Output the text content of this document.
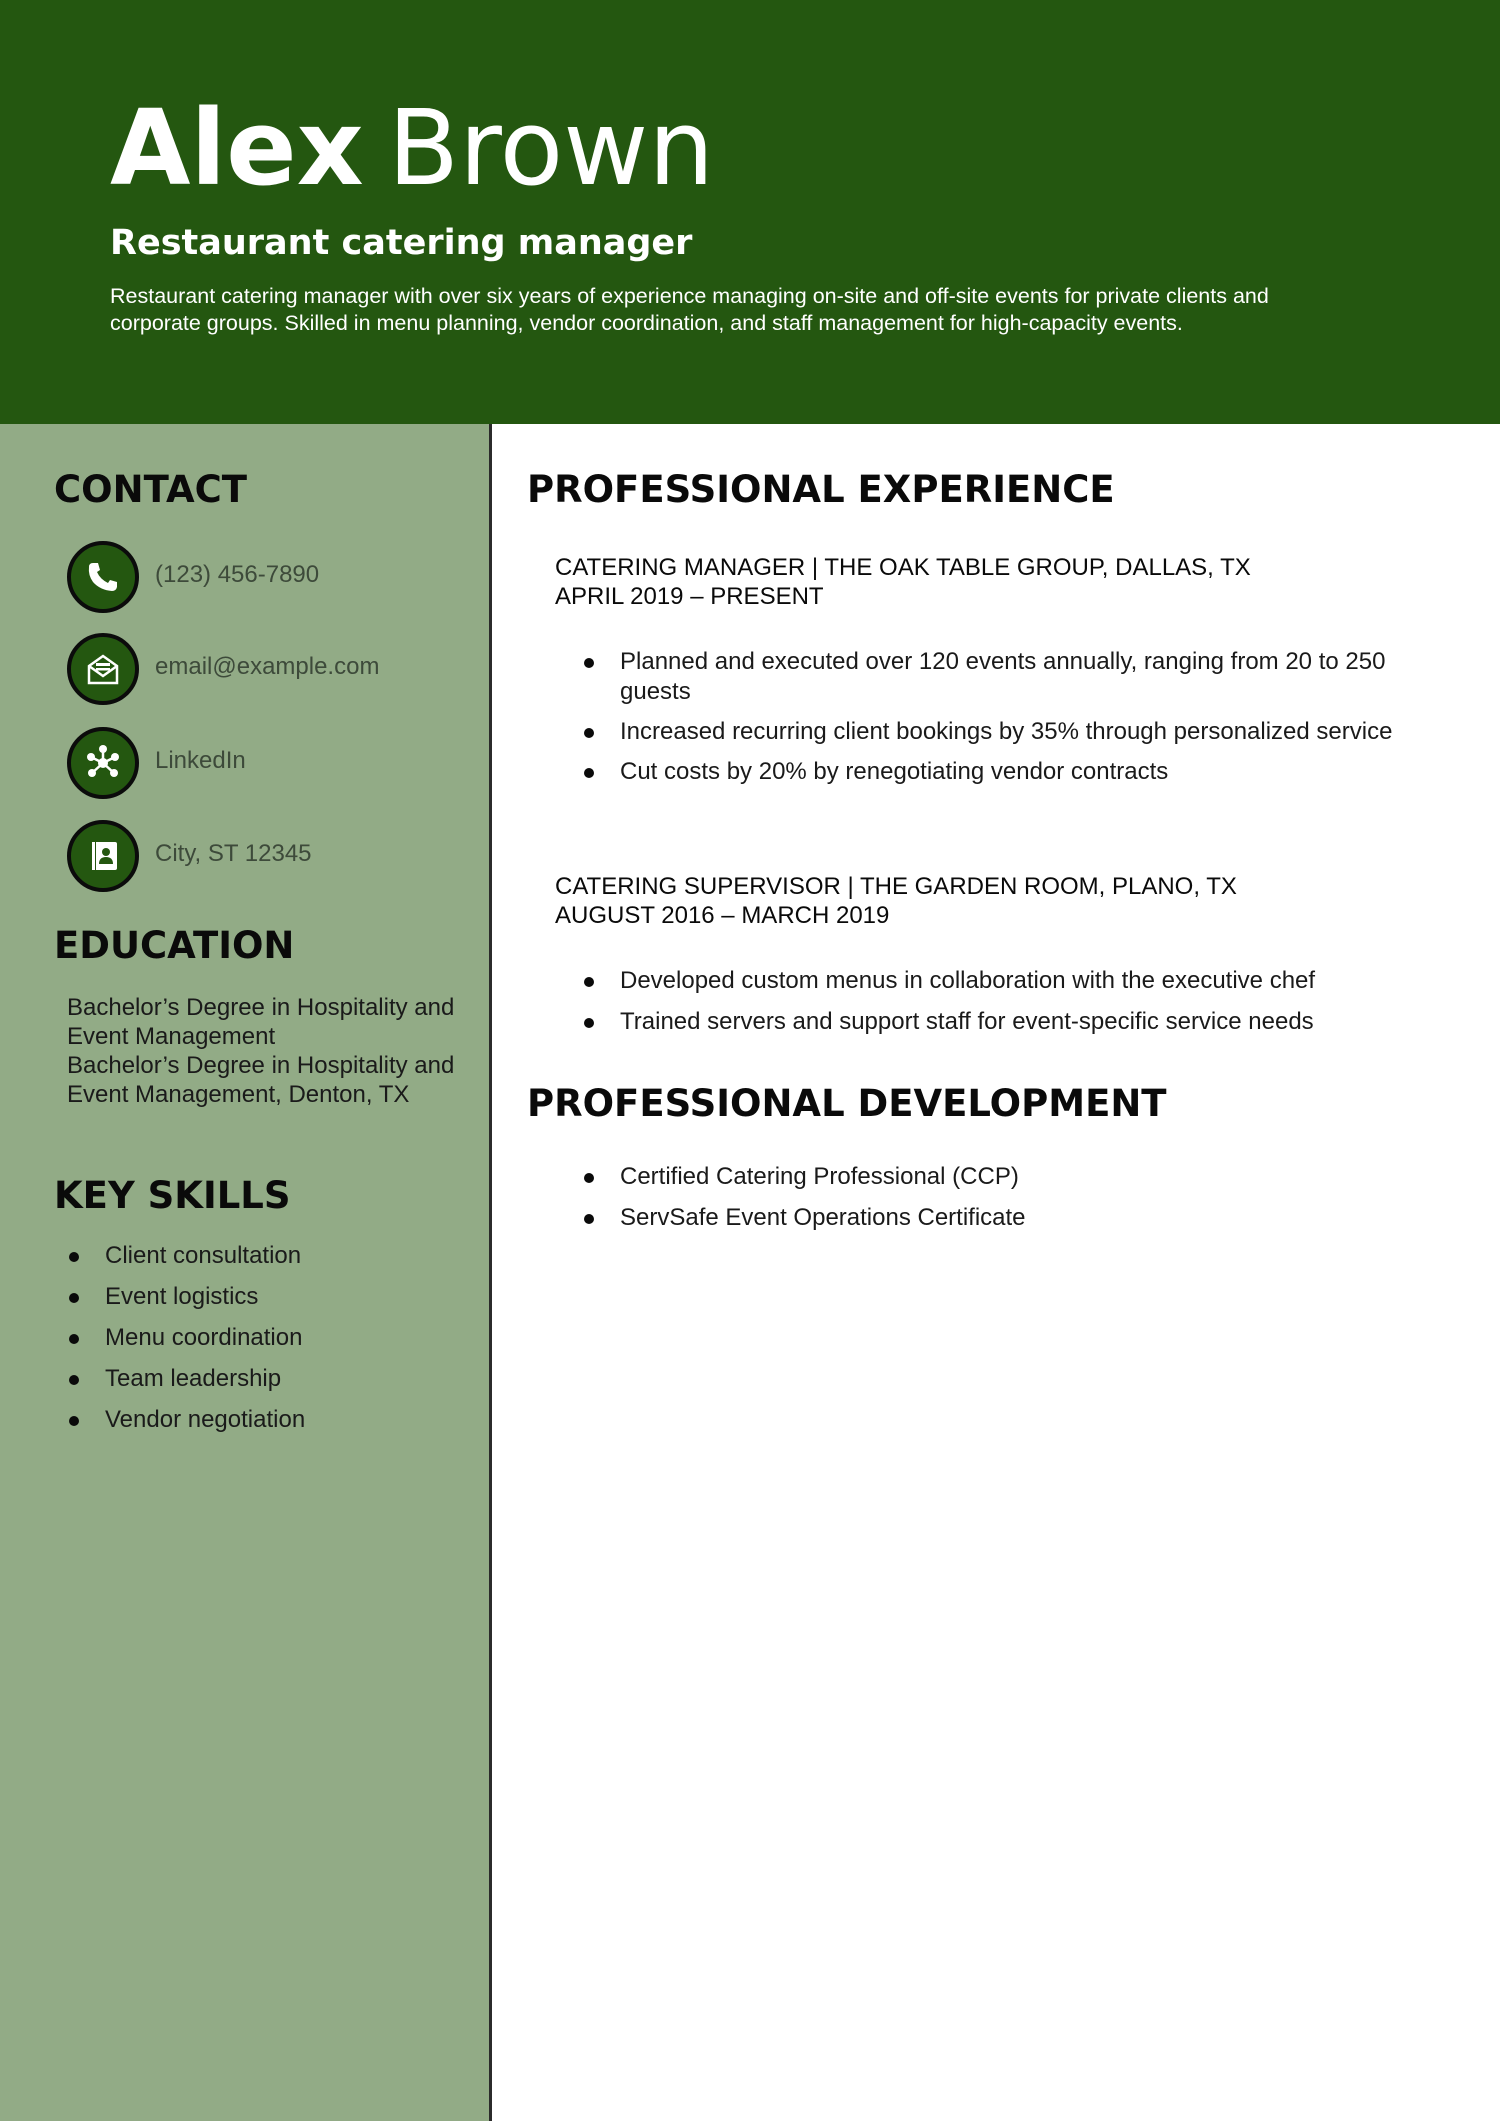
Alex Brown
Restaurant catering manager
Restaurant catering manager with over six years of experience managing on-site and off-site events for private clients and corporate groups. Skilled in menu planning, vendor coordination, and staff management for high-capacity events.
CONTACT
(123) 456-7890
email@example.com
LinkedIn
City, ST 12345
EDUCATION
Bachelor’s Degree in Hospitality and Event Management
Bachelor’s Degree in Hospitality and Event Management, Denton, TX
KEY SKILLS
Client consultation
Event logistics
Menu coordination
Team leadership
Vendor negotiation
PROFESSIONAL EXPERIENCE
CATERING MANAGER | THE OAK TABLE GROUP, DALLAS, TX
APRIL 2019 – PRESENT
Planned and executed over 120 events annually, ranging from 20 to 250 guests
Increased recurring client bookings by 35% through personalized service
Cut costs by 20% by renegotiating vendor contracts
CATERING SUPERVISOR | THE GARDEN ROOM, PLANO, TX
AUGUST 2016 – MARCH 2019
Developed custom menus in collaboration with the executive chef
Trained servers and support staff for event-specific service needs
PROFESSIONAL DEVELOPMENT
Certified Catering Professional (CCP)
ServSafe Event Operations Certificate
